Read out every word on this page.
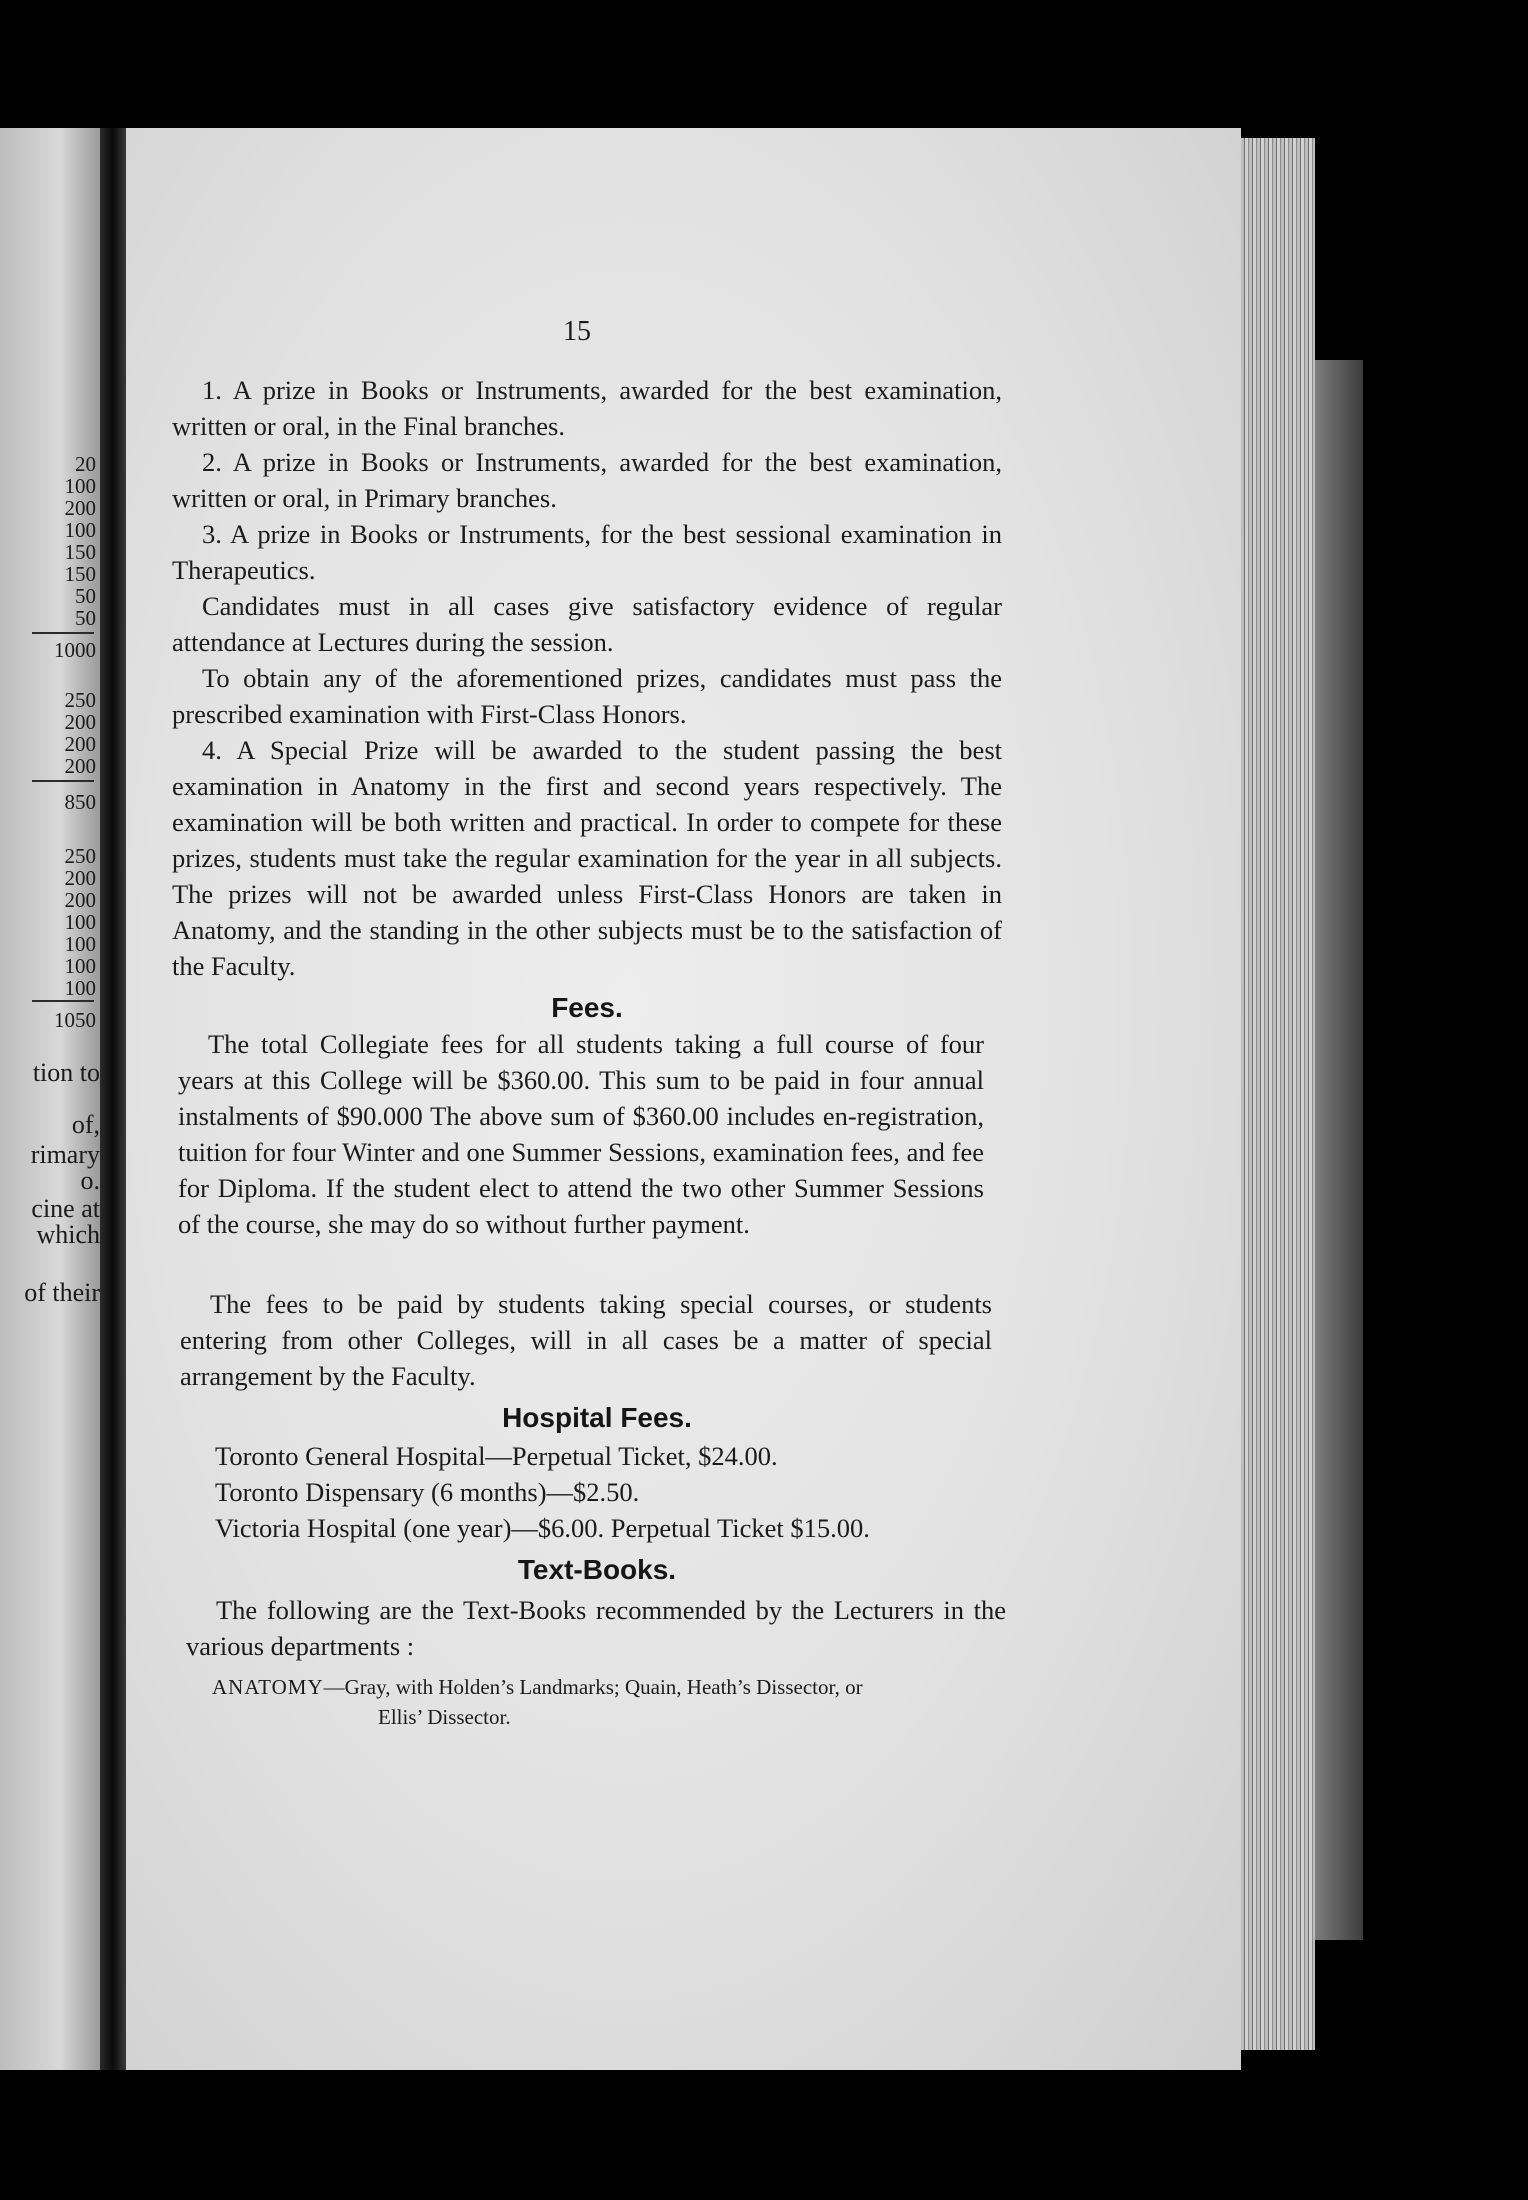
20
100
200
100
150
150
50
50
1000
250
200
200
200
850
250
200
200
100
100
100
100
1050
tion to
of,
rimary
o.
cine at
which
of their
15

1. A prize in Books or Instruments, awarded for the best examination, written or oral, in the Final branches.

2. A prize in Books or Instruments, awarded for the best examination, written or oral, in Primary branches.

3. A prize in Books or Instruments, for the best sessional examination in Therapeutics.

Candidates must in all cases give satisfactory evidence of regular attendance at Lectures during the session.

To obtain any of the aforementioned prizes, candidates must pass the prescribed examination with First-Class Honors.

4. A Special Prize will be awarded to the student passing the best examination in Anatomy in the first and second years respectively. The examination will be both written and practical. In order to compete for these prizes, students must take the regular examination for the year in all subjects. The prizes will not be awarded unless First-Class Honors are taken in Anatomy, and the standing in the other subjects must be to the satisfaction of the Faculty.

Fees.

The total Collegiate fees for all students taking a full course of four years at this College will be $360.00. This sum to be paid in four annual instalments of $90.000 The above sum of $360.00 includes en-registration, tuition for four Winter and one Summer Sessions, examination fees, and fee for Diploma. If the student elect to attend the two other Summer Sessions of the course, she may do so without further payment.

The fees to be paid by students taking special courses, or students entering from other Colleges, will in all cases be a matter of special arrangement by the Faculty.

Hospital Fees.

Toronto General Hospital—Perpetual Ticket, $24.00.

Toronto Dispensary (6 months)—$2.50.

Victoria Hospital (one year)—$6.00. Perpetual Ticket $15.00.

Text-Books.

The following are the Text-Books recommended by the Lecturers in the various departments :

ANATOMY—Gray, with Holden’s Landmarks; Quain, Heath’s Dissector, or

Ellis’ Dissector.
